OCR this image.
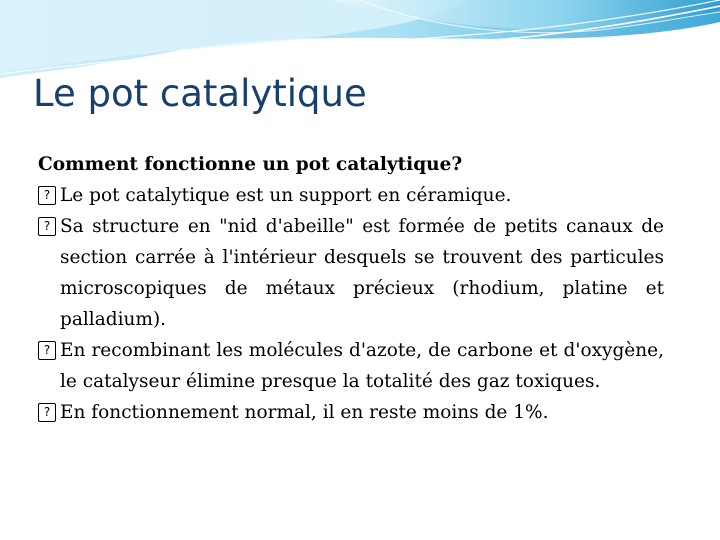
Le pot catalytique

Comment fonctionne un pot catalytique?

? Le pot catalytique est un support en céramique.
? Sa structure en "nid d'abeille" est formée de petits canaux de section carrée à l'intérieur desquels se trouvent des particules microscopiques de métaux précieux (rhodium, platine et palladium).
? En recombinant les molécules d'azote, de carbone et d'oxygène, le catalyseur élimine presque la totalité des gaz toxiques.
? En fonctionnement normal, il en reste moins de 1%.
